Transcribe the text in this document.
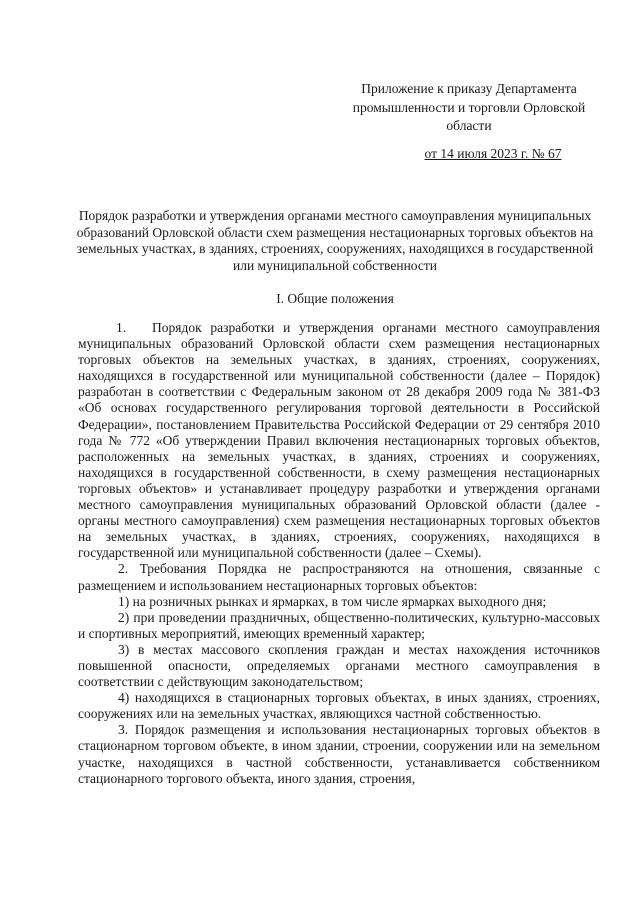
Приложение к приказу Департамента
промышленности и торговли Орловской
области
от 14 июля 2023 г. № 67
Порядок разработки и утверждения органами местного самоуправления муниципальных образований Орловской области схем размещения нестационарных торговых объектов на земельных участках, в зданиях, строениях, сооружениях, находящихся в государственной или муниципальной собственности
I. Общие положения

1. Порядок разработки и утверждения органами местного самоуправления муниципальных образований Орловской области схем размещения нестационарных торговых объектов на земельных участках, в зданиях, строениях, сооружениях, находящихся в государственной или муниципальной собственности (далее – Порядок) разработан в соответствии с Федеральным законом от 28 декабря 2009 года № 381-ФЗ «Об основах государственного регулирования торговой деятельности в Российской Федерации», постановлением Правительства Российской Федерации от 29 сентября 2010 года № 772 «Об утверждении Правил включения нестационарных торговых объектов, расположенных на земельных участках, в зданиях, строениях и сооружениях, находящихся в государственной собственности, в схему размещения нестационарных торговых объектов» и устанавливает процедуру разработки и утверждения органами местного самоуправления муниципальных образований Орловской области (далее - органы местного самоуправления) схем размещения нестационарных торговых объектов на земельных участках, в зданиях, строениях, сооружениях, находящихся в государственной или муниципальной собственности (далее – Схемы).

2. Требования Порядка не распространяются на отношения, связанные с размещением и использованием нестационарных торговых объектов:

1) на розничных рынках и ярмарках, в том числе ярмарках выходного дня;

2) при проведении праздничных, общественно-политических, культурно-массовых и спортивных мероприятий, имеющих временный характер;

3) в местах массового скопления граждан и местах нахождения источников повышенной опасности, определяемых органами местного самоуправления в соответствии с действующим законодательством;

4) находящихся в стационарных торговых объектах, в иных зданиях, строениях, сооружениях или на земельных участках, являющихся частной собственностью.

3. Порядок размещения и использования нестационарных торговых объектов в стационарном торговом объекте, в ином здании, строении, сооружении или на земельном участке, находящихся в частной собственности, устанавливается собственником стационарного торгового объекта, иного здания, строения,
